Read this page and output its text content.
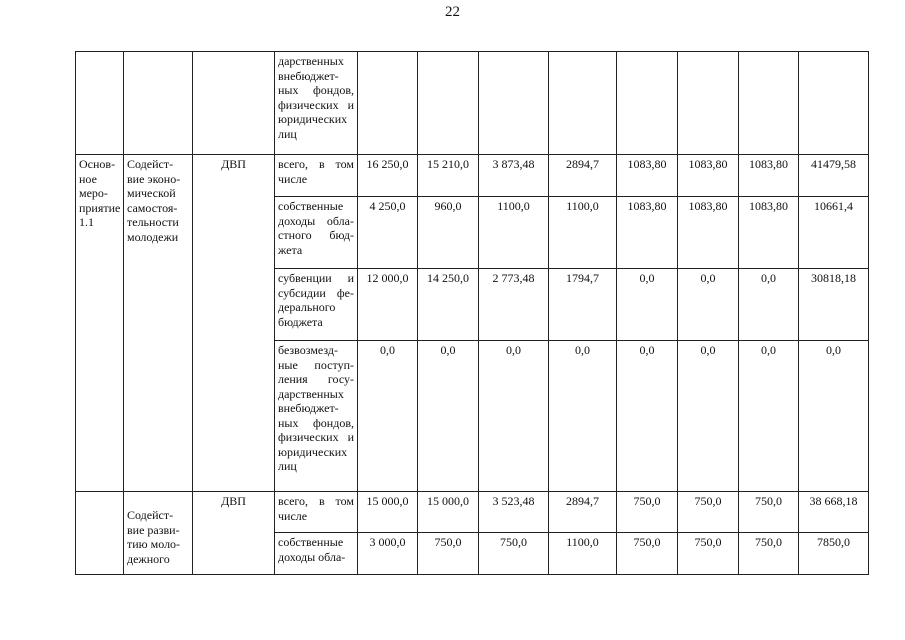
22
			дарственных внебюджет-ных фондов, физических и юридических лиц								
Основ-ное меро-приятие 1.1	Содейст-вие эконо-мической самостоя-тельности молодежи	ДВП	всего, в том числе	16 250,0	15 210,0	3 873,48	2894,7	1083,80	1083,80	1083,80	41479,58
			собственные доходы обла-стного бюд-жета	4 250,0	960,0	1100,0	1100,0	1083,80	1083,80	1083,80	10661,4
			субвенции и субсидии фе-дерального бюджета	12 000,0	14 250,0	2 773,48	1794,7	0,0	0,0	0,0	30818,18
			безвозмезд-ные поступ-ления госу-дарственных внебюджет-ных фондов, физических и юридических лиц	0,0	0,0	0,0	0,0	0,0	0,0	0,0	0,0

	Содейст-вие разви-тию моло-дежного	ДВП	всего, в том числе	15 000,0	15 000,0	3 523,48	2894,7	750,0	750,0	750,0	38 668,18
			собственные доходы обла-	3 000,0	750,0	750,0	1100,0	750,0	750,0	750,0	7850,0
